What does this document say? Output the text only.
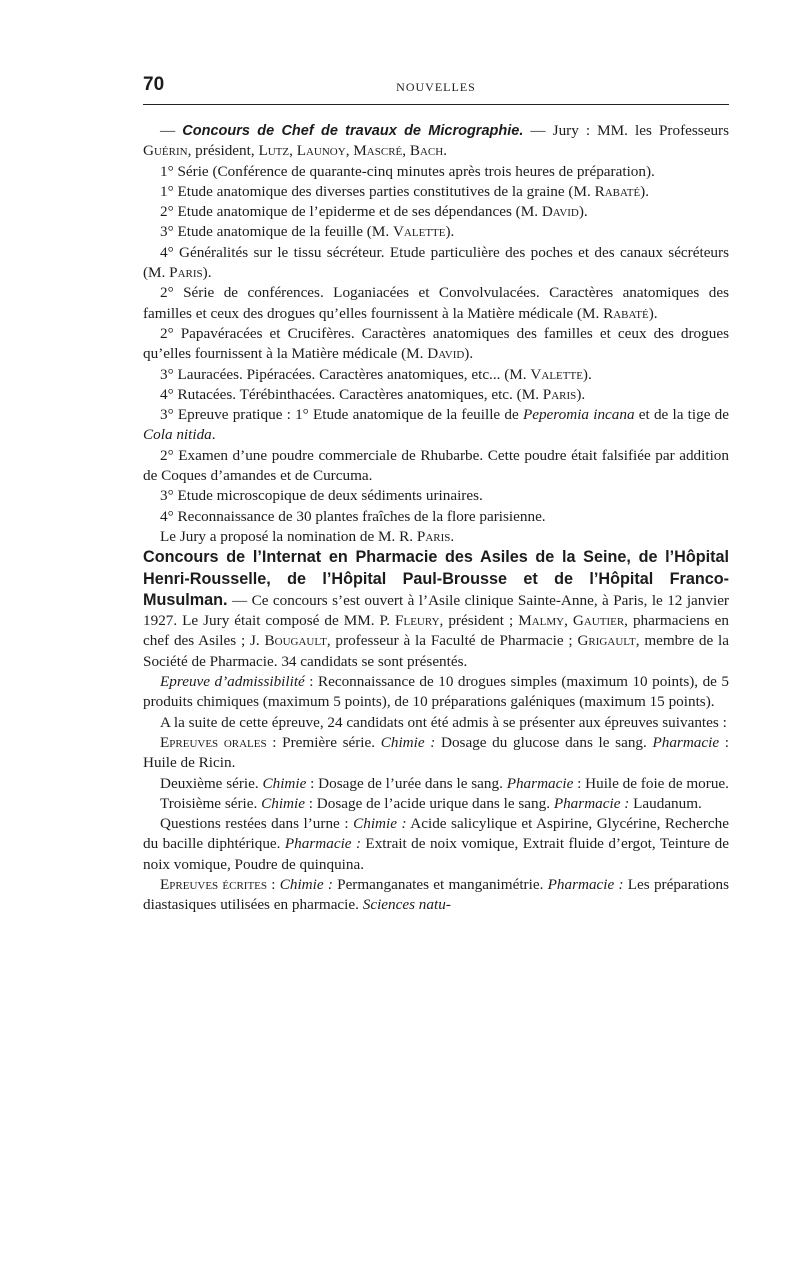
70	NOUVELLES

— Concours de Chef de travaux de Micrographie. — Jury : MM. les Professeurs Guérin, président, Lutz, Launoy, Mascré, Bach.

1° Série (Conférence de quarante-cinq minutes après trois heures de préparation).

1° Etude anatomique des diverses parties constitutives de la graine (M. Rabaté).

2° Etude anatomique de l’epiderme et de ses dépendances (M. David).

3° Etude anatomique de la feuille (M. Valette).

4° Généralités sur le tissu sécréteur. Etude particulière des poches et des canaux sécréteurs (M. Paris).

2° Série de conférences. Loganiacées et Convolvulacées. Caractères anatomiques des familles et ceux des drogues qu’elles fournissent à la Matière médicale (M. Rabaté).

2° Papavéracées et Crucifères. Caractères anatomiques des familles et ceux des drogues qu’elles fournissent à la Matière médicale (M. David).

3° Lauracées. Pipéracées. Caractères anatomiques, etc... (M. Valette).

4° Rutacées. Térébinthacées. Caractères anatomiques, etc. (M. Paris).

3° Epreuve pratique : 1° Etude anatomique de la feuille de Peperomia incana et de la tige de Cola nitida.

2° Examen d’une poudre commerciale de Rhubarbe. Cette poudre était falsifiée par addition de Coques d’amandes et de Curcuma.

3° Etude microscopique de deux sédiments urinaires.

4° Reconnaissance de 30 plantes fraîches de la flore parisienne.

Le Jury a proposé la nomination de M. R. Paris.

Concours de l’Internat en Pharmacie des Asiles de la Seine, de l’Hôpital Henri-Rousselle, de l’Hôpital Paul-Brousse et de l’Hôpital Franco-Musulman. — Ce concours s’est ouvert à l’Asile clinique Sainte-Anne, à Paris, le 12 janvier 1927. Le Jury était composé de MM. P. Fleury, président ; Malmy, Gautier, pharmaciens en chef des Asiles ; J. Bougault, professeur à la Faculté de Pharmacie ; Grigault, membre de la Société de Pharmacie. 34 candidats se sont présentés.

Epreuve d’admissibilité : Reconnaissance de 10 drogues simples (maximum 10 points), de 5 produits chimiques (maximum 5 points), de 10 préparations galéniques (maximum 15 points).

A la suite de cette épreuve, 24 candidats ont été admis à se présenter aux épreuves suivantes :

Epreuves orales : Première série. Chimie : Dosage du glucose dans le sang. Pharmacie : Huile de Ricin.

Deuxième série. Chimie : Dosage de l’urée dans le sang. Pharmacie : Huile de foie de morue.

Troisième série. Chimie : Dosage de l’acide urique dans le sang. Pharmacie : Laudanum.

Questions restées dans l’urne : Chimie : Acide salicylique et Aspirine, Glycérine, Recherche du bacille diphtérique. Pharmacie : Extrait de noix vomique, Extrait fluide d’ergot, Teinture de noix vomique, Poudre de quinquina.

Epreuves écrites : Chimie : Permanganates et manganimétrie. Pharmacie : Les préparations diastasiques utilisées en pharmacie. Sciences natu-
